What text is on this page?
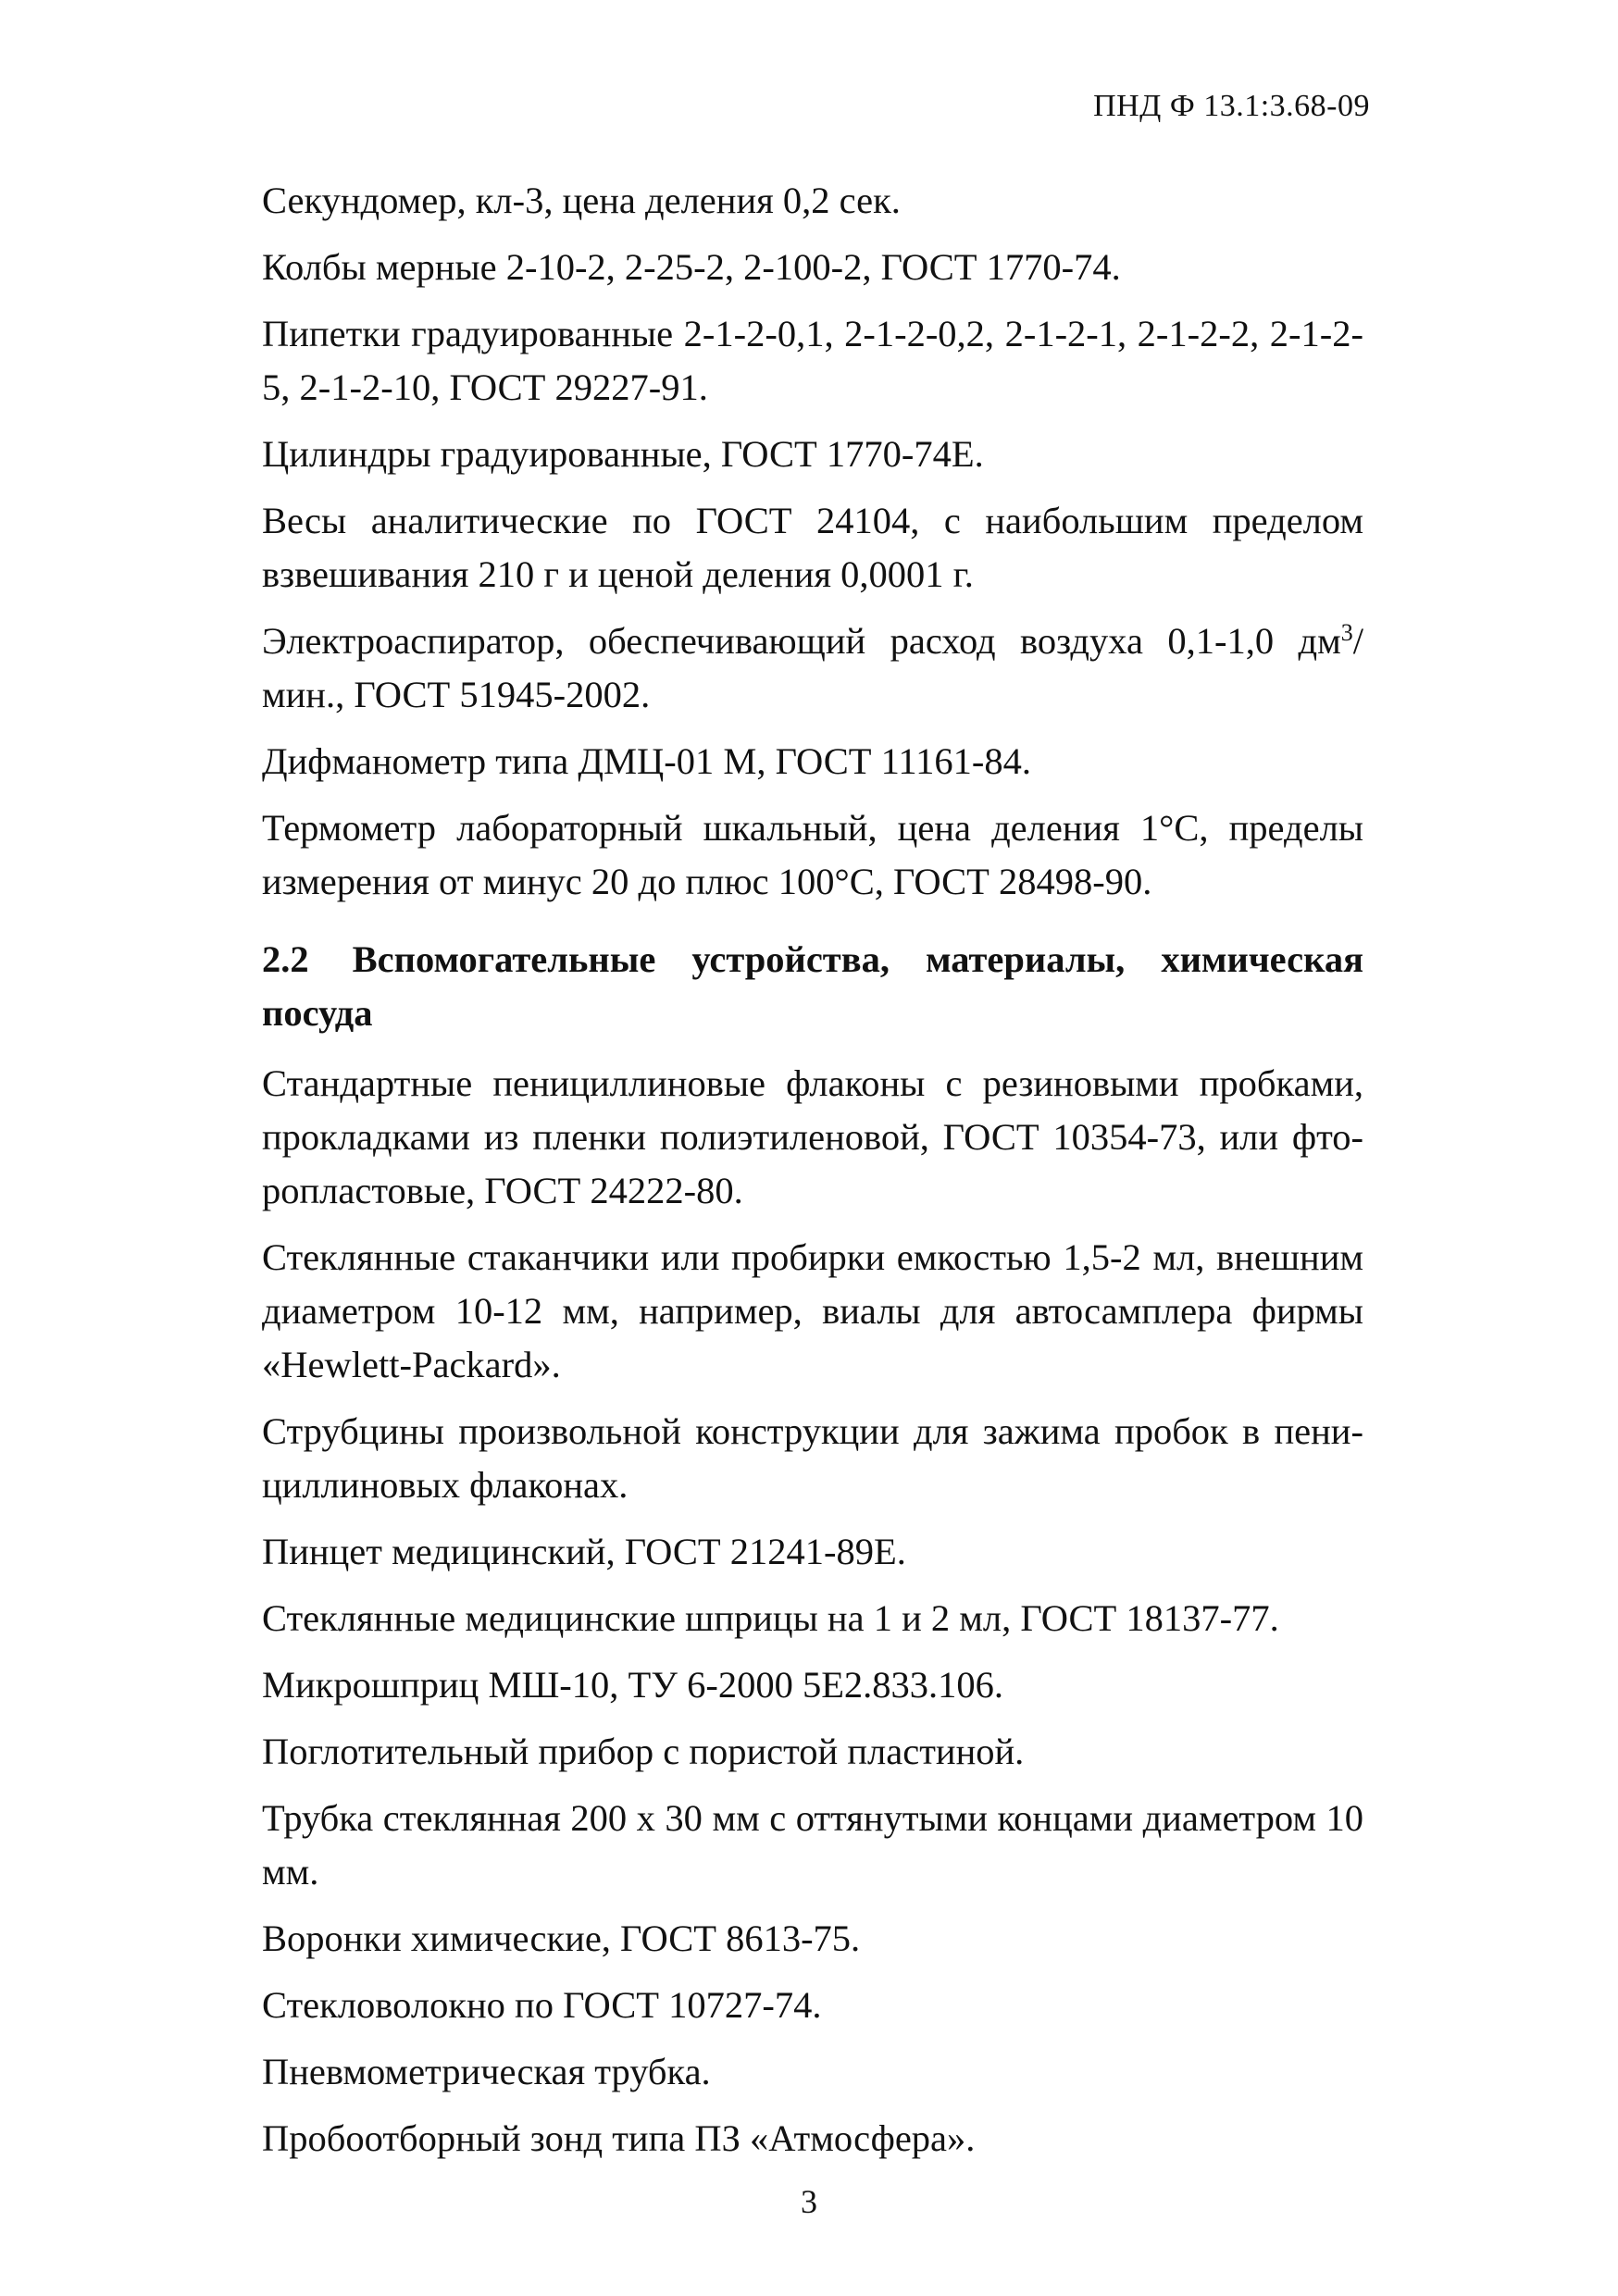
ПНД Ф 13.1:3.68-09

Секундомер, кл-3, цена деления 0,2 сек.

Колбы мерные 2-10-2, 2-25-2, 2-100-2, ГОСТ 1770-74.

Пипетки градуированные 2-1-2-0,1, 2-1-2-0,2, 2-1-2-1, 2-1-2-2, 2-1-2-5, 2-1-2-10, ГОСТ 29227-91.

Цилиндры градуированные, ГОСТ 1770-74Е.

Весы аналитические по ГОСТ 24104, с наибольшим пределом взвешивания 210 г и ценой деления 0,0001 г.

Электроаспиратор, обеспечивающий расход воздуха 0,1-1,0 $дм^3$/мин., ГОСТ 51945-2002.

Дифманометр типа ДМЦ-01 М, ГОСТ 11161-84.

Термометр лабораторный шкальный, цена деления 1°С, пределы измерения от минус 20 до плюс 100°С, ГОСТ 28498-90.

2.2 Вспомогательные устройства, материалы, химическая посуда

Стандартные пенициллиновые флаконы с резиновыми пробками, прокладками из пленки полиэтиленовой, ГОСТ 10354-73, или фторопластовые, ГОСТ 24222-80.

Стеклянные стаканчики или пробирки емкостью 1,5-2 мл, внешним диаметром 10-12 мм, например, виалы для автосамплера фирмы «Hewlett-Packard».

Струбцины произвольной конструкции для зажима пробок в пенициллиновых флаконах.

Пинцет медицинский, ГОСТ 21241-89Е.

Стеклянные медицинские шприцы на 1 и 2 мл, ГОСТ 18137-77.

Микрошприц МШ-10, ТУ 6-2000 5Е2.833.106.

Поглотительный прибор с пористой пластиной.

Трубка стеклянная 200 х 30 мм с оттянутыми концами диаметром 10 мм.

Воронки химические, ГОСТ 8613-75.

Стекловолокно по ГОСТ 10727-74.

Пневмометрическая трубка.

Пробоотборный зонд типа ПЗ «Атмосфера».

3
